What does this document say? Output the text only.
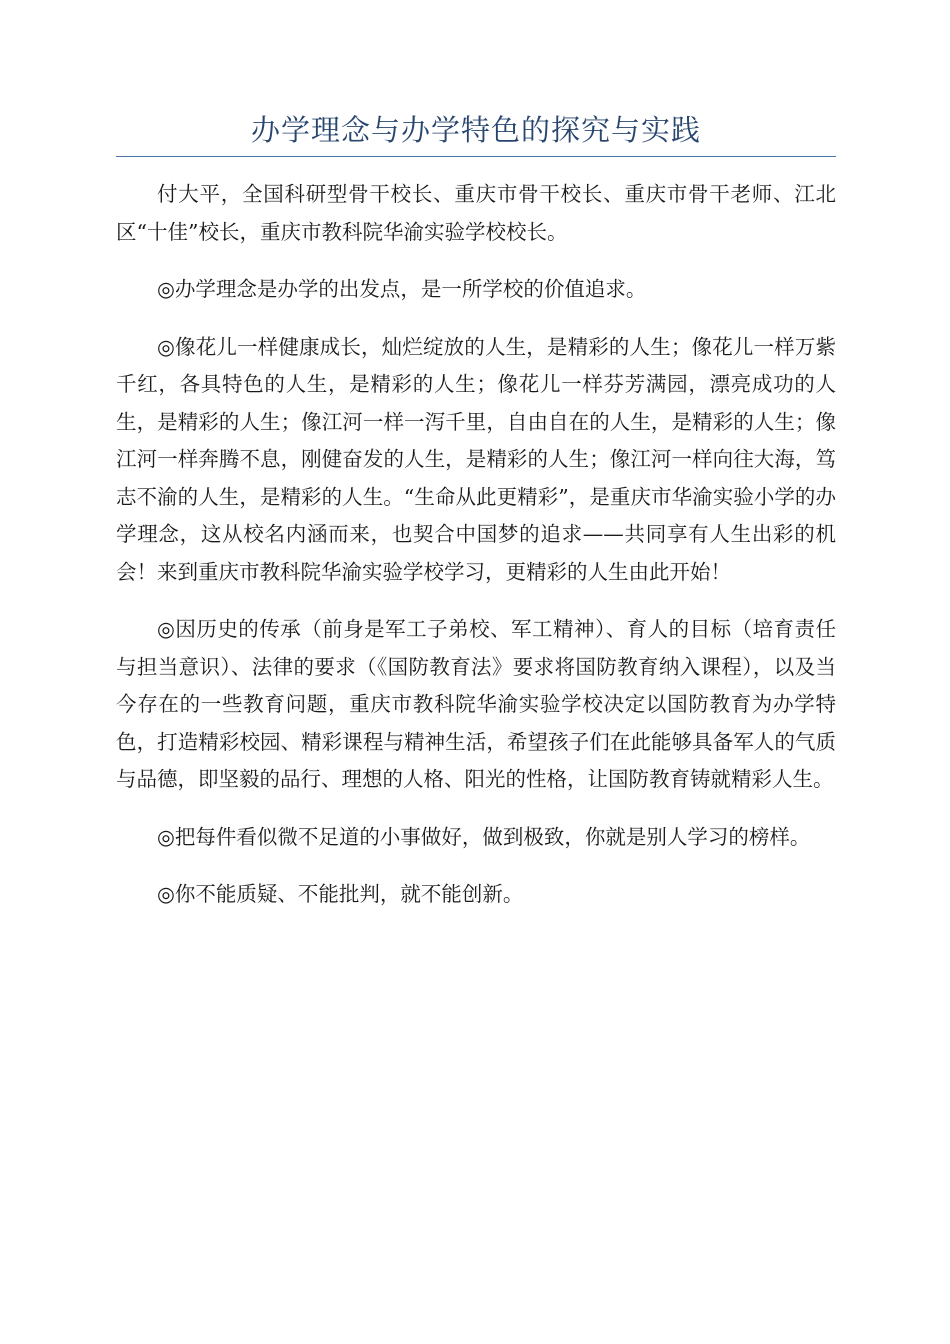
办学理念与办学特色的探究与实践

付大平，全国科研型骨干校长、重庆市骨干校长、重庆市骨干老师、江北区“十佳”校长，重庆市教科院华渝实验学校校长。

◎办学理念是办学的出发点，是一所学校的价值追求。

◎像花儿一样健康成长，灿烂绽放的人生，是精彩的人生；像花儿一样万紫千红，各具特色的人生，是精彩的人生；像花儿一样芬芳满园，漂亮成功的人生，是精彩的人生；像江河一样一泻千里，自由自在的人生，是精彩的人生；像江河一样奔腾不息，刚健奋发的人生，是精彩的人生；像江河一样向往大海，笃志不渝的人生，是精彩的人生。“生命从此更精彩”，是重庆市华渝实验小学的办学理念，这从校名内涵而来，也契合中国梦的追求——共同享有人生出彩的机会！来到重庆市教科院华渝实验学校学习，更精彩的人生由此开始！

◎因历史的传承（前身是军工子弟校、军工精神）、育人的目标（培育责任与担当意识）、法律的要求（《国防教育法》要求将国防教育纳入课程），以及当今存在的一些教育问题，重庆市教科院华渝实验学校决定以国防教育为办学特色，打造精彩校园、精彩课程与精神生活，希望孩子们在此能够具备军人的气质与品德，即坚毅的品行、理想的人格、阳光的性格，让国防教育铸就精彩人生。

◎把每件看似微不足道的小事做好，做到极致，你就是别人学习的榜样。

◎你不能质疑、不能批判，就不能创新。
